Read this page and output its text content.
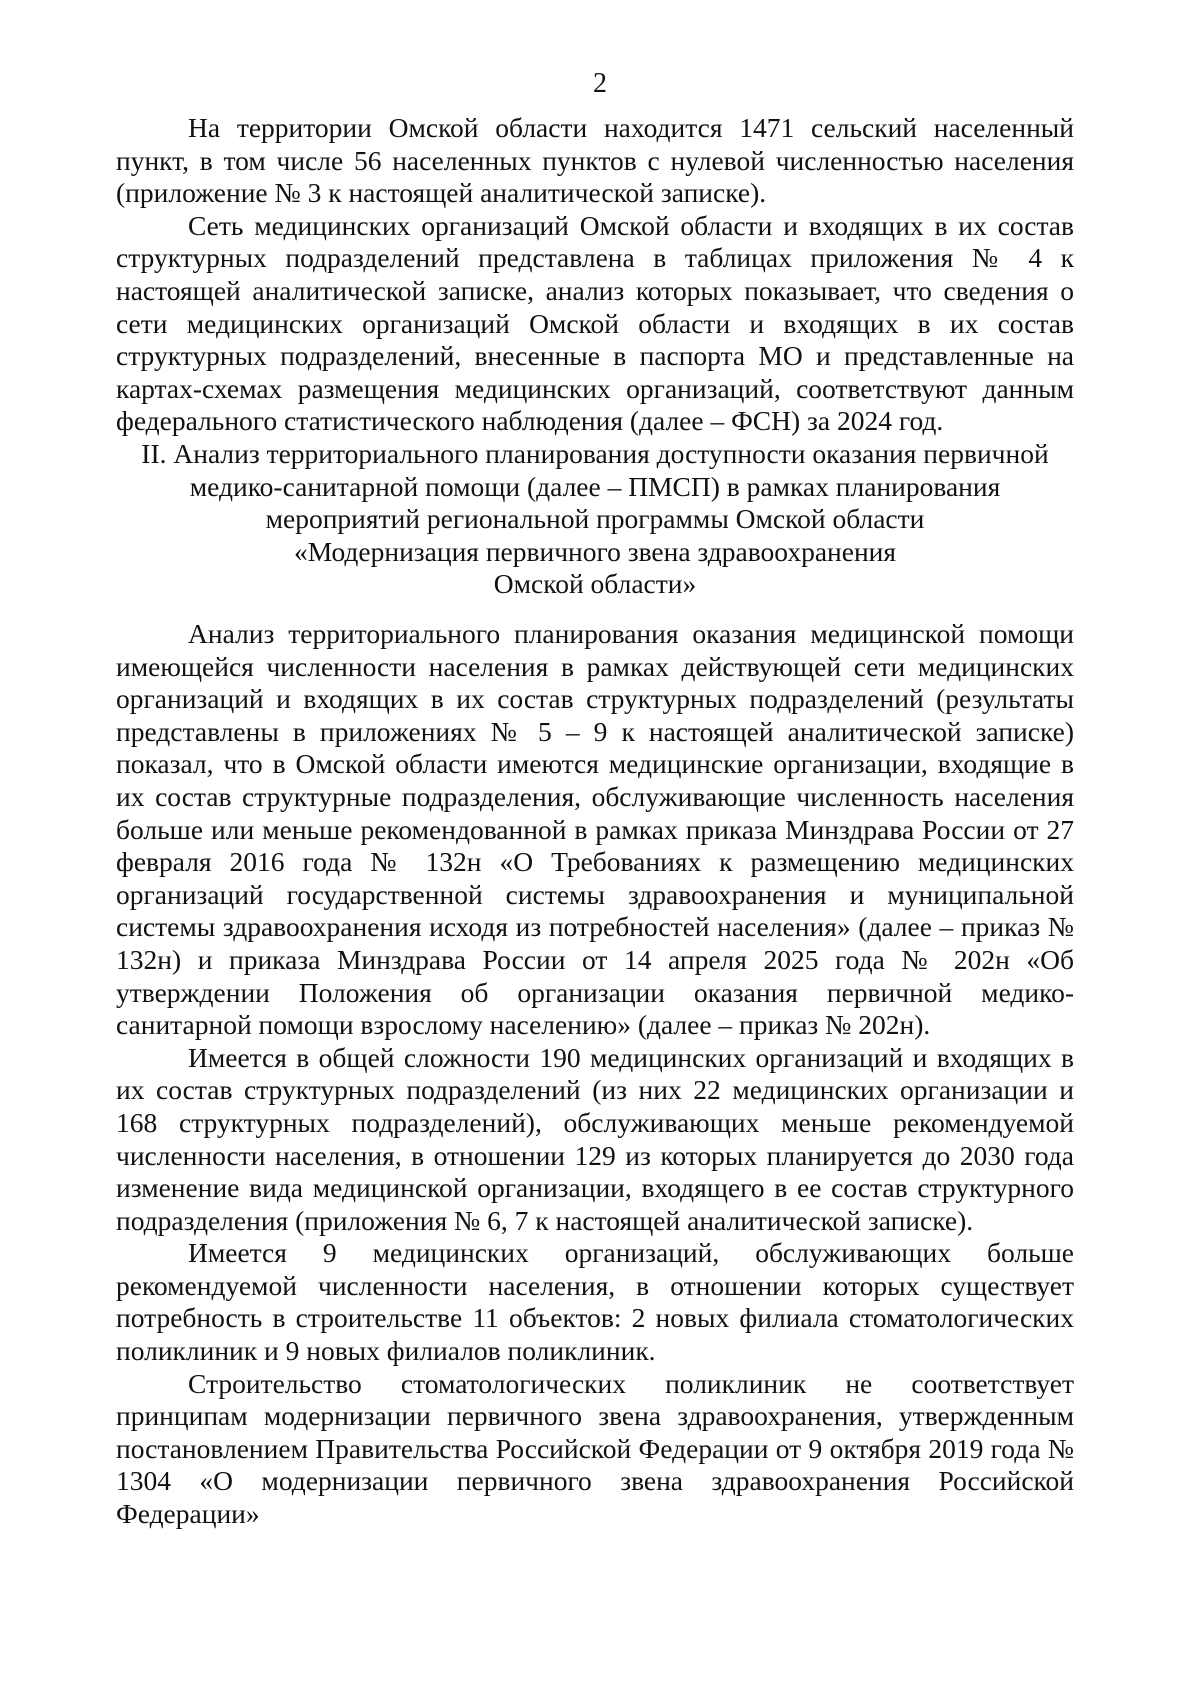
2

На территории Омской области находится 1471 сельский населенный пункт, в том числе 56 населенных пунктов с нулевой численностью населения (приложение № 3 к настоящей аналитической записке).

Сеть медицинских организаций Омской области и входящих в их состав структурных подразделений представлена в таблицах приложения № 4 к настоящей аналитической записке, анализ которых показывает, что сведения о сети медицинских организаций Омской области и входящих в их состав структурных подразделений, внесенные в паспорта МО и представленные на картах-схемах размещения медицинских организаций, соответствуют данным федерального статистического наблюдения (далее – ФСН) за 2024 год.

II. Анализ территориального планирования доступности оказания первичной
медико-санитарной помощи (далее – ПМСП) в рамках планирования
мероприятий региональной программы Омской области
«Модернизация первичного звена здравоохранения
Омской области»

Анализ территориального планирования оказания медицинской помощи имеющейся численности населения в рамках действующей сети медицинских организаций и входящих в их состав структурных подразделений (результаты представлены в приложениях № 5 – 9 к настоящей аналитической записке) показал, что в Омской области имеются медицинские организации, входящие в их состав структурные подразделения, обслуживающие численность населения больше или меньше рекомендованной в рамках приказа Минздрава России от 27 февраля 2016 года № 132н «О Требованиях к размещению медицинских организаций государственной системы здравоохранения и муниципальной системы здравоохранения исходя из потребностей населения» (далее – приказ № 132н) и приказа Минздрава России от 14 апреля 2025 года № 202н «Об утверждении Положения об организации оказания первичной медико-санитарной помощи взрослому населению» (далее – приказ № 202н).

Имеется в общей сложности 190 медицинских организаций и входящих в их состав структурных подразделений (из них 22 медицинских организации и 168 структурных подразделений), обслуживающих меньше рекомендуемой численности населения, в отношении 129 из которых планируется до 2030 года изменение вида медицинской организации, входящего в ее состав структурного подразделения (приложения № 6, 7 к настоящей аналитической записке).

Имеется 9 медицинских организаций, обслуживающих больше рекомендуемой численности населения, в отношении которых существует потребность в строительстве 11 объектов: 2 новых филиала стоматологических поликлиник и 9 новых филиалов поликлиник.

Строительство стоматологических поликлиник не соответствует принципам модернизации первичного звена здравоохранения, утвержденным постановлением Правительства Российской Федерации от 9 октября 2019 года № 1304 «О модернизации первичного звена здравоохранения Российской Федерации»
